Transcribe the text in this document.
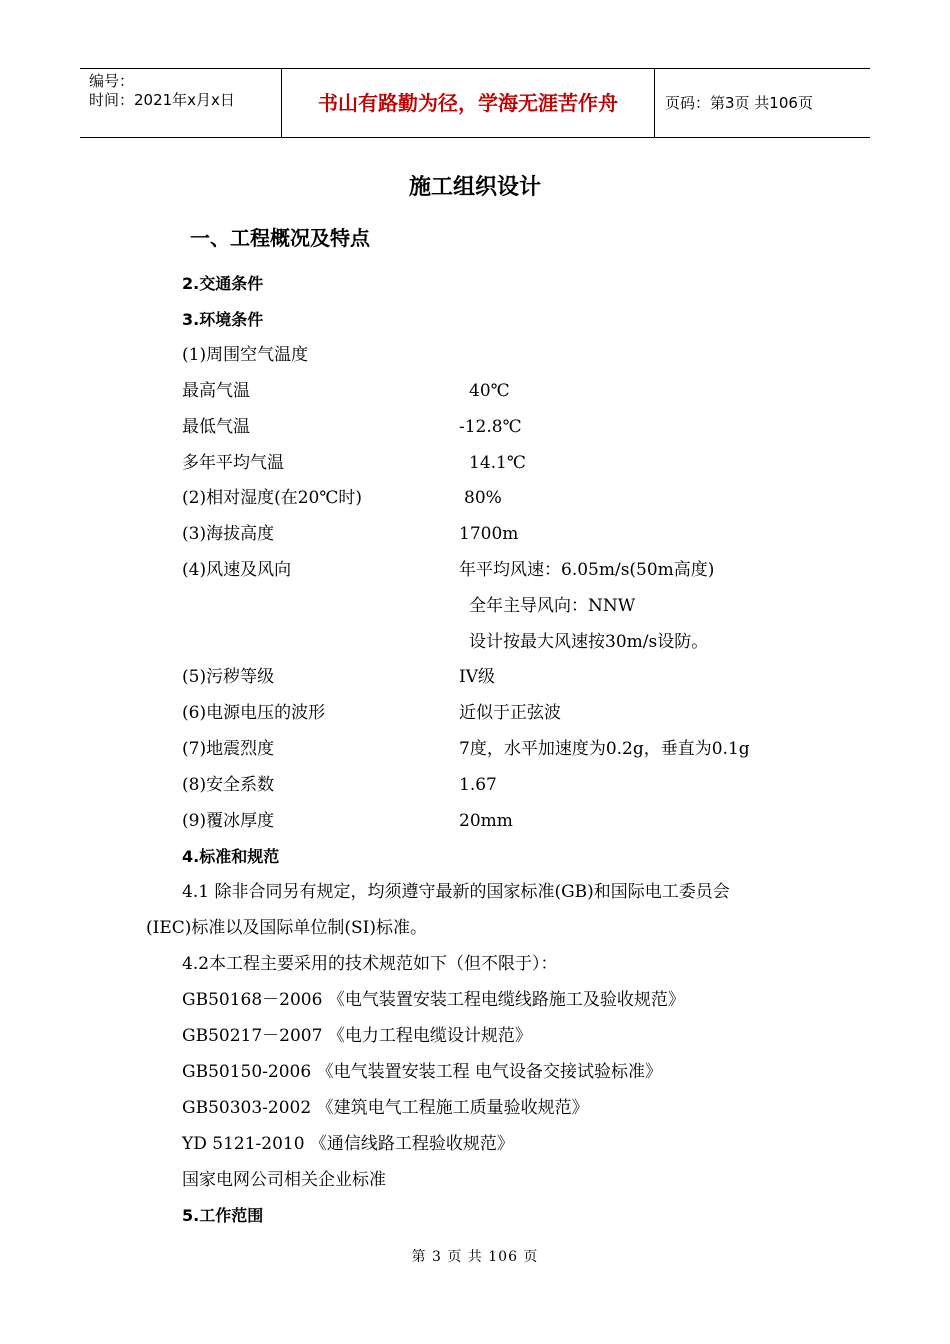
编号：
时间：2021年x月x日	书山有路勤为径，学海无涯苦作舟	页码：第3页 共106页
施工组织设计
一、工程概况及特点
2.交通条件
3.环境条件
(1)周围空气温度
最高气温	40℃
最低气温	-12.8℃
多年平均气温	14.1℃
(2)相对湿度(在20℃时)	80%
(3)海拔高度	1700m
(4)风速及风向	年平均风速：6.05m/s(50m高度)
全年主导风向：NNW
设计按最大风速按30m/s设防。
(5)污秽等级	IV级
(6)电源电压的波形	近似于正弦波
(7)地震烈度	7度，水平加速度为0.2g，垂直为0.1g
(8)安全系数	1.67
(9)覆冰厚度	20mm
4.标准和规范
4.1 除非合同另有规定，均须遵守最新的国家标准(GB)和国际电工委员会
(IEC)标准以及国际单位制(SI)标准。
4.2本工程主要采用的技术规范如下（但不限于）：
GB50168－2006 《电气装置安装工程电缆线路施工及验收规范》
GB50217－2007 《电力工程电缆设计规范》
GB50150-2006 《电气装置安装工程 电气设备交接试验标准》
GB50303-2002 《建筑电气工程施工质量验收规范》
YD 5121-2010 《通信线路工程验收规范》
国家电网公司相关企业标准
5.工作范围
第 3 页 共 106 页
